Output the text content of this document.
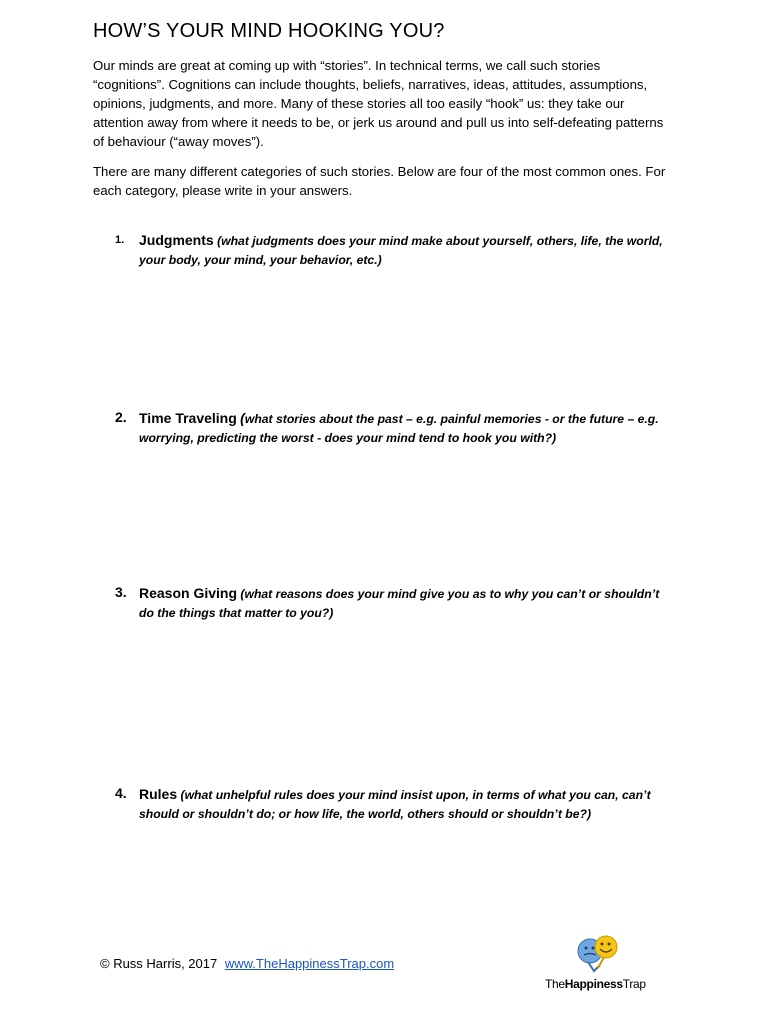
HOW’S YOUR MIND HOOKING YOU?

Our minds are great at coming up with “stories”. In technical terms, we call such stories “cognitions”. Cognitions can include thoughts, beliefs, narratives, ideas, attitudes, assumptions, opinions, judgments, and more. Many of these stories all too easily “hook” us: they take our attention away from where it needs to be, or jerk us around and pull us into self-defeating patterns of behaviour (“away moves”).

There are many different categories of such stories. Below are four of the most common ones. For each category, please write in your answers.

1. Judgments (what judgments does your mind make about yourself, others, life, the world, your body, your mind, your behavior, etc.)
2. Time Traveling (what stories about the past – e.g. painful memories - or the future – e.g. worrying, predicting the worst - does your mind tend to hook you with?)
3. Reason Giving (what reasons does your mind give you as to why you can’t or shouldn’t do the things that matter to you?)
4. Rules (what unhelpful rules does your mind insist upon, in terms of what you can, can’t should or shouldn’t do; or how life, the world, others should or shouldn’t be?)
© Russ Harris, 2017 www.TheHappinessTrap.com
TheHappinessTrap
